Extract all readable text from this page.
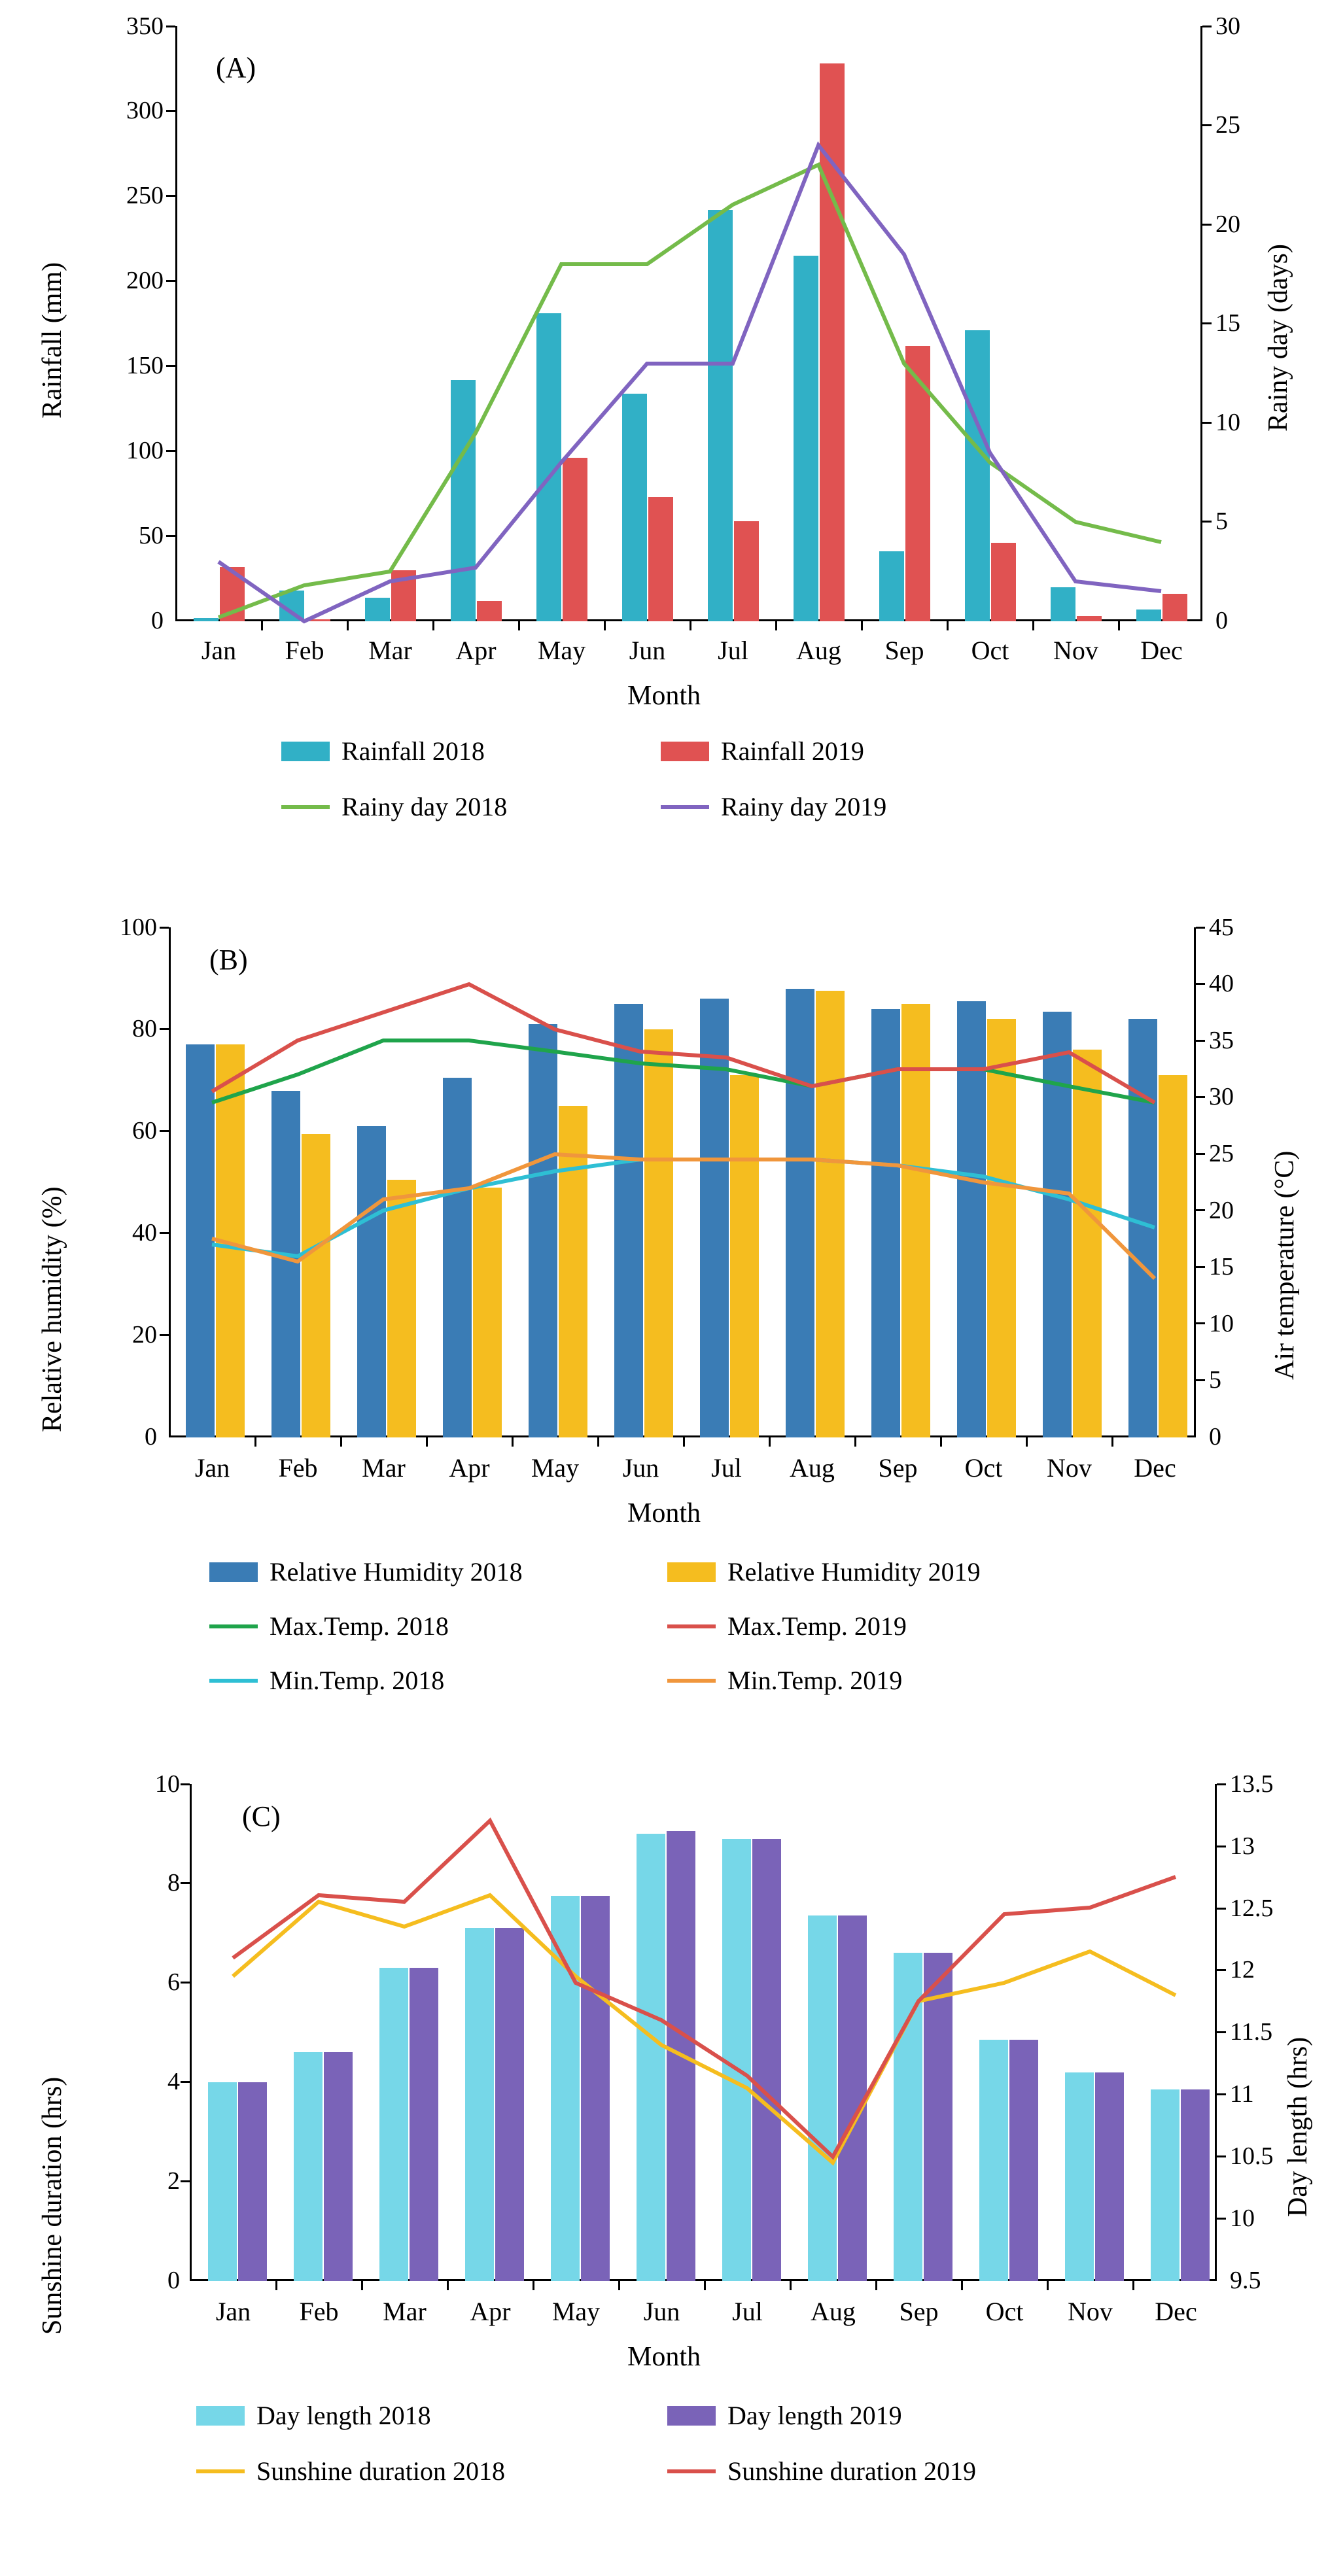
Rainfall (mm)	Rainy day (days)
(A)
0
50
100
150
200
250
300
350
0
5
10
15
20
25
30
Jan	Feb	Mar	Apr	May	Jun	Jul	Aug	Sep	Oct	Nov	Dec
Month
Rainfall 2018	Rainfall 2019
Rainy day 2018	Rainy day 2019
Relative humidity (%)	Air temperature (°C)
(B)
0
20
40
60
80
100
0
5
10
15
20
25
30
35
40
45
Jan	Feb	Mar	Apr	May	Jun	Jul	Aug	Sep	Oct	Nov	Dec
Month
Relative Humidity 2018	Relative Humidity 2019
Max.Temp. 2018	Max.Temp. 2019
Min.Temp. 2018	Min.Temp. 2019
Sunshine duration (hrs)	Day length (hrs)
(C)
0
2
4
6
8
10
9.5
10
10.5
11
11.5
12
12.5
13
13.5
Jan	Feb	Mar	Apr	May	Jun	Jul	Aug	Sep	Oct	Nov	Dec
Month
Day length 2018	Day length 2019
Sunshine duration 2018	Sunshine duration 2019
